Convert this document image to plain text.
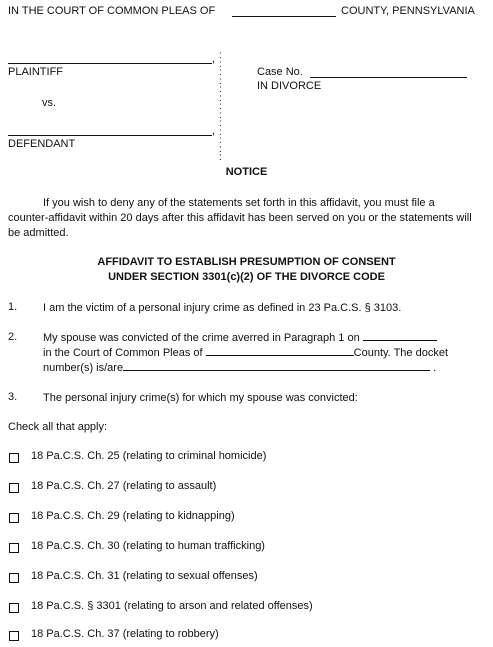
IN THE COURT OF COMMON PLEAS OF	COUNTY, PENNSYLVANIA
,
PLAINTIFF
vs.
,
DEFENDANT
:
:
:
:
:
:
:
:
:
:
:
:
:
Case No.
IN DIVORCE
NOTICE
If you wish to deny any of the statements set forth in this affidavit, you must file a counter-affidavit within 20 days after this affidavit has been served on you or the statements will be admitted.
AFFIDAVIT TO ESTABLISH PRESUMPTION OF CONSENT
UNDER SECTION 3301(c)(2) OF THE DIVORCE CODE
1. I am the victim of a personal injury crime as defined in 23 Pa.C.S. § 3103.
2. My spouse was convicted of the crime averred in Paragraph 1 on
in the Court of Common Pleas of	County. The docket
number(s) is/are	.
3. The personal injury crime(s) for which my spouse was convicted:
Check all that apply:
18 Pa.C.S. Ch. 25 (relating to criminal homicide)
18 Pa.C.S. Ch. 27 (relating to assault)
18 Pa.C.S. Ch. 29 (relating to kidnapping)
18 Pa.C.S. Ch. 30 (relating to human trafficking)
18 Pa.C.S. Ch. 31 (relating to sexual offenses)
18 Pa.C.S. § 3301 (relating to arson and related offenses)
18 Pa.C.S. Ch. 37 (relating to robbery)
